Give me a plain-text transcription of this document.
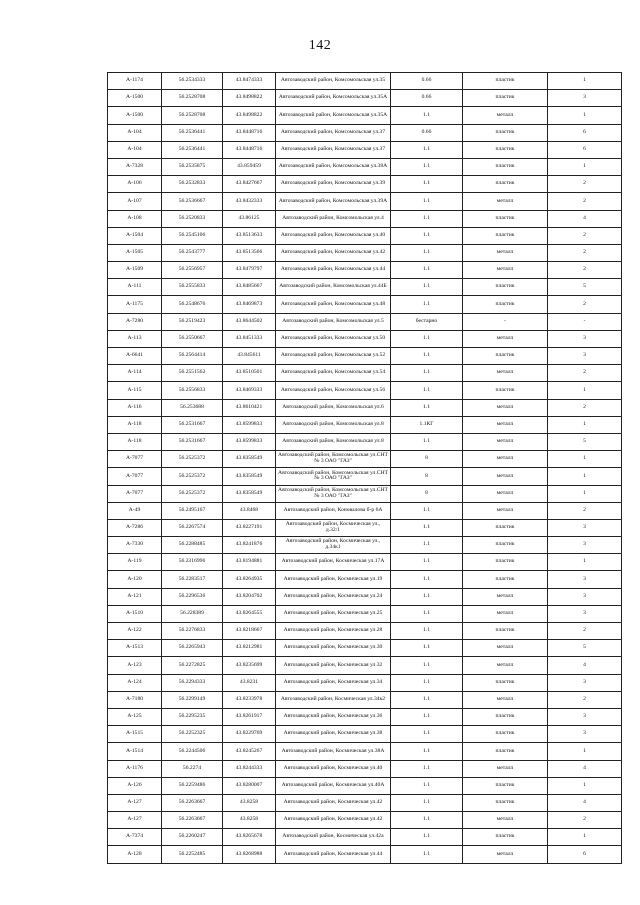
142
А-1174	56.2534333	43.8474333	Автозаводский район, Комсомольская ул.35	0.66	пластик	1
А-1500	56.2528708	43.8498822	Автозаводский район, Комсомольская ул.35А	0.66	пластик	3
А-1500	56.2528708	43.8498822	Автозаводский район, Комсомольская ул.35А	1.1	металл	1
А-104	56.2536441	43.8448716	Автозаводский район, Комсомольская ул.37	0.66	пластик	6
А-104	56.2536441	43.8448716	Автозаводский район, Комсомольская ул.37	1.1	пластик	6
А-7328	56.2535875	43.859459	Автозаводский район, Комсомольская ул.38А	1.1	пластик	1
А-106	56.2532833	43.8427667	Автозаводский район, Комсомольская ул.39	1.1	пластик	2
А-107	56.2536667	43.8432333	Автозаводский район, Комсомольская ул.39А	1.1	металл	2
А-108	56.2520833	43.86125	Автозаводский район, Комсомольская ул.4	1.1	пластик	4
А-1504	56.2545106	43.8513633	Автозаводский район, Комсомольская ул.40	1.1	пластик	2
А-1505	56.2543777	43.8513566	Автозаводский район, Комсомольская ул.42	1.1	металл	2
А-1509	56.2556957	43.8479797	Автозаводский район, Комсомольская ул.44	1.1	металл	2
А-111	56.2555833	43.8485667	Автозаводский район, Комсомольская ул.44Б	1.1	пластик	5
А-1175	56.2548676	43.8469873	Автозаводский район, Комсомольская ул.48	1.1	пластик	2
А-7280	56.2519423	43.8644502	Автозаводский район, Комсомольская ул.5	бестарно	-	-
А-113	56.2550667	43.8451333	Автозаводский район, Комсомольская ул.50	1.1	металл	3
А-6641	56.2564414	43.845611	Автозаводский район, Комсомольская ул.52	1.1	пластик	3
А-114	56.2551562	43.8510501	Автозаводский район, Комсомольская ул.54	1.1	металл	2
А-115	56.2556833	43.8469333	Автозаводский район, Комсомольская ул.56	1.1	пластик	1
А-116	56.253688	43.8610421	Автозаводский район, Комсомольская ул.6	1.1	металл	2
А-118	56.2531667	43.8599833	Автозаводский район, Комсомольская ул.8	1.1КГ	металл	1
А-118	56.2531667	43.8599833	Автозаводский район, Комсомольская ул.8	1.1	металл	5
А-7077	56.2525372	43.8358549	Автозаводский район, Комсомольская ул.СНТ № 3 ОАО "ГАЗ"	8	металл	1
А-7077	56.2525372	43.8358549	Автозаводский район, Комсомольская ул.СНТ № 3 ОАО "ГАЗ"	8	металл	1
А-7077	56.2525372	43.8358549	Автозаводский район, Комсомольская ул.СНТ № 3 ОАО "ГАЗ"	8	металл	1
А-49	56.2495167	43.8468	Автозаводский район, Коновалова б-р 6А	1.1	металл	2
А-7286	56.2267574	43.8227191	Автозаводский район, Космическая ул., д.32/1	1.1	пластик	3
А-7330	56.2288485	43.8241876	Автозаводский район, Космическая ул., д.34к1	1.1	пластик	3
А-119	56.2316996	43.8194881	Автозаводский район, Космическая ул.17А	1.1	пластик	1
А-120	56.2283517	43.8264935	Автозаводский район, Космическая ул.19	1.1	пластик	3
А-121	56.2296536	43.8204702	Автозаводский район, Космическая ул.24	1.1	металл	3
А-1510	56.228389	43.8264555	Автозаводский район, Космическая ул.25	1.1	металл	3
А-122	56.2276833	43.8218667	Автозаводский район, Космическая ул.28	1.1	пластик	2
А-1513	56.2265943	43.8212981	Автозаводский район, Космическая ул.30	1.1	металл	5
А-123	56.2272825	43.8235699	Автозаводский район, Космическая ул.32	1.1	металл	4
А-124	56.2294333	43.8231	Автозаводский район, Космическая ул.34	1.1	пластик	3
А-7180	56.2299149	43.8233978	Автозаводский район, Космическая ул.34к2	1.1	металл	2
А-125	56.2295235	43.8261917	Автозаводский район, Космическая ул.36	1.1	пластик	3
А-1515	56.2252325	43.8229769	Автозаводский район, Космическая ул.38	1.1	пластик	3
А-1514	56.2244506	43.8245267	Автозаводский район, Космическая ул.38А	1.1	пластик	1
А-1176	56.2274	43.8244333	Автозаводский район, Космическая ул.40	1.1	металл	4
А-126	56.2259486	43.8280007	Автозаводский район, Космическая ул.40А	1.1	пластик	1
А-127	56.2263667	43.8258	Автозаводский район, Космическая ул.42	1.1	пластик	4
А-127	56.2263667	43.8258	Автозаводский район, Космическая ул.42	1.1	металл	2
А-7374	56.2260247	43.8265678	Автозаводский район, Космическая ул.42а	1.1	пластик	1
А-128	56.2252485	43.8268988	Автозаводский район, Космическая ул.44	1.1	металл	6
